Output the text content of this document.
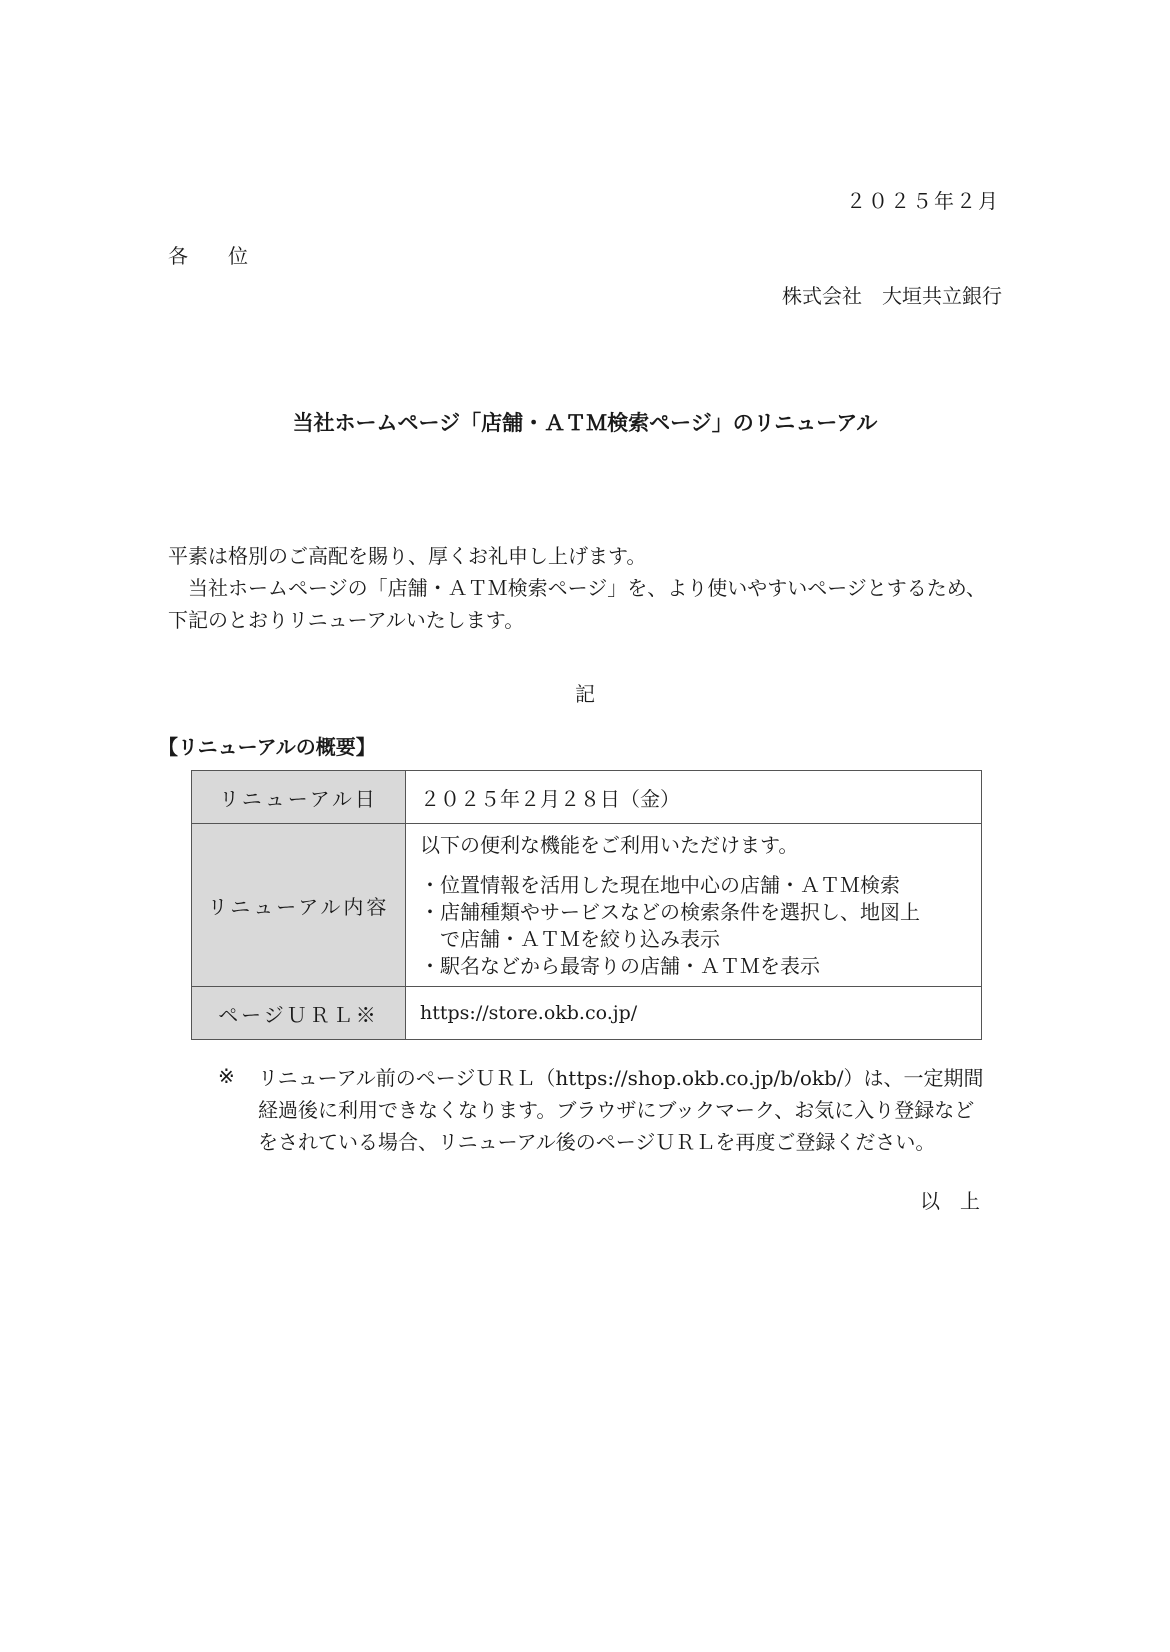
２０２５年２月
各　　位
株式会社　大垣共立銀行
当社ホームページ「店舗・ＡＴＭ検索ページ」のリニューアル
平素は格別のご高配を賜り、厚くお礼申し上げます。
　当社ホームページの「店舗・ＡＴＭ検索ページ」を、より使いやすいページとするため、
下記のとおりリニューアルいたします。
記
【リニューアルの概要】
リニューアル日	２０２５年２月２８日（金）
リニューアル内容	以下の便利な機能をご利用いただけます。
・位置情報を活用した現在地中心の店舗・ＡＴＭ検索
・店舗種類やサービスなどの検索条件を選択し、地図上で店舗・ＡＴＭを絞り込み表示
・駅名などから最寄りの店舗・ＡＴＭを表示

ページＵＲＬ※	https://store.okb.co.jp/
※ リニューアル前のページＵＲＬ（https://shop.okb.co.jp/b/okb/）は、一定期間経過後に利用できなくなります。ブラウザにブックマーク、お気に入り登録などをされている場合、リニューアル後のページＵＲＬを再度ご登録ください。
以　上
